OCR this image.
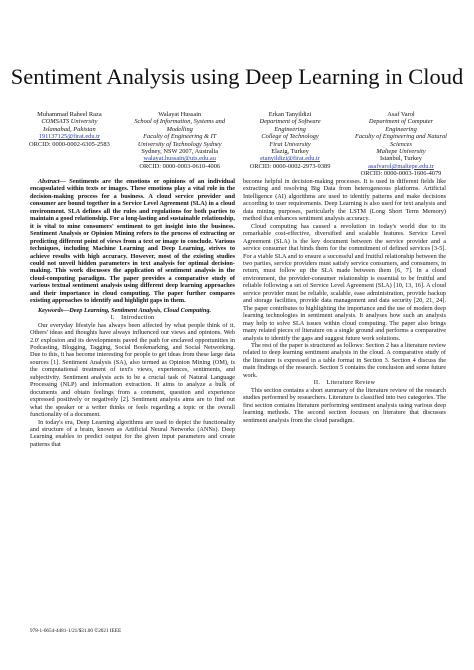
Sentiment Analysis using Deep Learning in Cloud
Muhammad Raheel Raza
COMSATS University
Islamabad, Pakistan
191137125@firat.edu.tr
ORCID: 0000-0002-6305-2583
Walayat Hussain
School of Information, Systems and
Modelling
Faculty of Engineering & IT
University of Technology Sydney
Sydney, NSW 2007, Australia
walayat.hussain@uts.edu.au
ORCID: 0000-0003-0610-4006
Erkan Tanyildizi
Department of Software
Engineering
College of Technology
Firat University
Elazig, Turkey
etanyildizi@firat.edu.tr
ORCID: 0000-0002-2973-9389
Asaf Varol
Department of Computer
Engineering
Faculty of Engineering and Natural
Sciences
Maltepe University
Istanbul, Turkey
asafvarol@maltepe.edu.tr
ORCID: 0000-0003-1606-4079

Abstract— Sentiments are the emotions or opinions of an individual encapsulated within texts or images. These emotions play a vital role in the decision-making process for a business. A cloud service provider and consumer are bound together in a Service Level Agreement (SLA) in a cloud environment. SLA defines all the rules and regulations for both parties to maintain a good relationship. For a long-lasting and sustainable relationship, it is vital to mine consumers' sentiment to get insight into the business. Sentiment Analysis or Opinion Mining refers to the process of extracting or predicting different point of views from a text or image to conclude. Various techniques, including Machine Learning and Deep Learning, strives to achieve results with high accuracy. However, most of the existing studies could not unveil hidden parameters in text analysis for optimal decision-making. This work discusses the application of sentiment analysis in the cloud-computing paradigm. The paper provides a comparative study of various textual sentiment analysis using different deep learning approaches and their importance in cloud computing. The paper further compares existing approaches to identify and highlight gaps in them.

Keywords—Deep Learning, Sentiment Analysis, Cloud Computing.

I. Introduction

Our everyday lifestyle has always been affected by what people think of it. Others' ideas and thoughts have always influenced our views and opinions. Web 2.0' explosion and its developments paved the path for enclaved opportunities in Podcasting, Blogging, Tagging, Social Bookmarking, and Social Networking. Due to this, it has become interesting for people to get ideas from these large data sources [1]. Sentiment Analysis (SA), also termed as Opinion Mining (OM), is the computational treatment of text's views, experiences, sentiments, and subjectivity. Sentiment analysis acts to be a crucial task of Natural Language Processing (NLP) and information extraction. It aims to analyze a bulk of documents and obtain feelings from a comment, question and experience expressed positively or negatively [2]. Sentiment analysis aims are to find out what the speaker or a writer thinks or feels regarding a topic or the overall functionality of a document.

In today's era, Deep Learning algorithms are used to depict the functionality and structure of a brain, known as Artificial Neural Networks (ANNs). Deep Learning enables to predict output for the given input parameters and create patterns that

become helpful in decision-making processes. It is used in different fields like extracting and resolving Big Data from heterogeneous platforms. Artificial Intelligence (AI) algorithms are used to identify patterns and make decisions according to user requirements. Deep Learning is also used for text analysis and data mining purposes, particularly the LSTM (Long Short Term Memory) method that enhances sentiment analysis accuracy.

Cloud computing has caused a revolution in today's world due to its remarkable cost-effective, diversified and scalable features. Service Level Agreement (SLA) is the key document between the service provider and a service consumer that binds them for the commitment of defined services [3-5]. For a viable SLA and to ensure a successful and fruitful relationship between the two parties, service providers must satisfy service consumers, and consumers, in return, must follow up the SLA made between them [6, 7]. In a cloud environment, the provider-consumer relationship is essential to be fruitful and reliable following a set of Service Level Agreement (SLA) [10, 13, 16]. A cloud service provider must be reliable, scalable, ease administration, provide backup and storage facilities, provide data management and data security [20, 21, 24]. The paper contributes to highlighting the importance and the use of modern deep learning technologies in sentiment analysis. It analyses how such an analysis may help to solve SLA issues within cloud computing. The paper also brings many related pieces of literature on a single ground and performs a comparative analysis to identify the gaps and suggest future work solutions.

The rest of the paper is structured as follows: Section 2 has a literature review related to deep learning sentiment analysis in the cloud. A comparative study of the literature is expressed in a table format in Section 3. Section 4 discuss the main findings of the research. Section 5 contains the conclusion and some future work.

II. Literature Review

This section contains a short summary of the literature review of the research studies performed by researchers. Literature is classified into two categories. The first section contains literature performing sentiment analysis using various deep learning methods. The second section focuses on literature that discusses sentiment analysis from the cloud paradigm.

978-1-6654-4481-1/21/$31.00 ©2021 IEEE
